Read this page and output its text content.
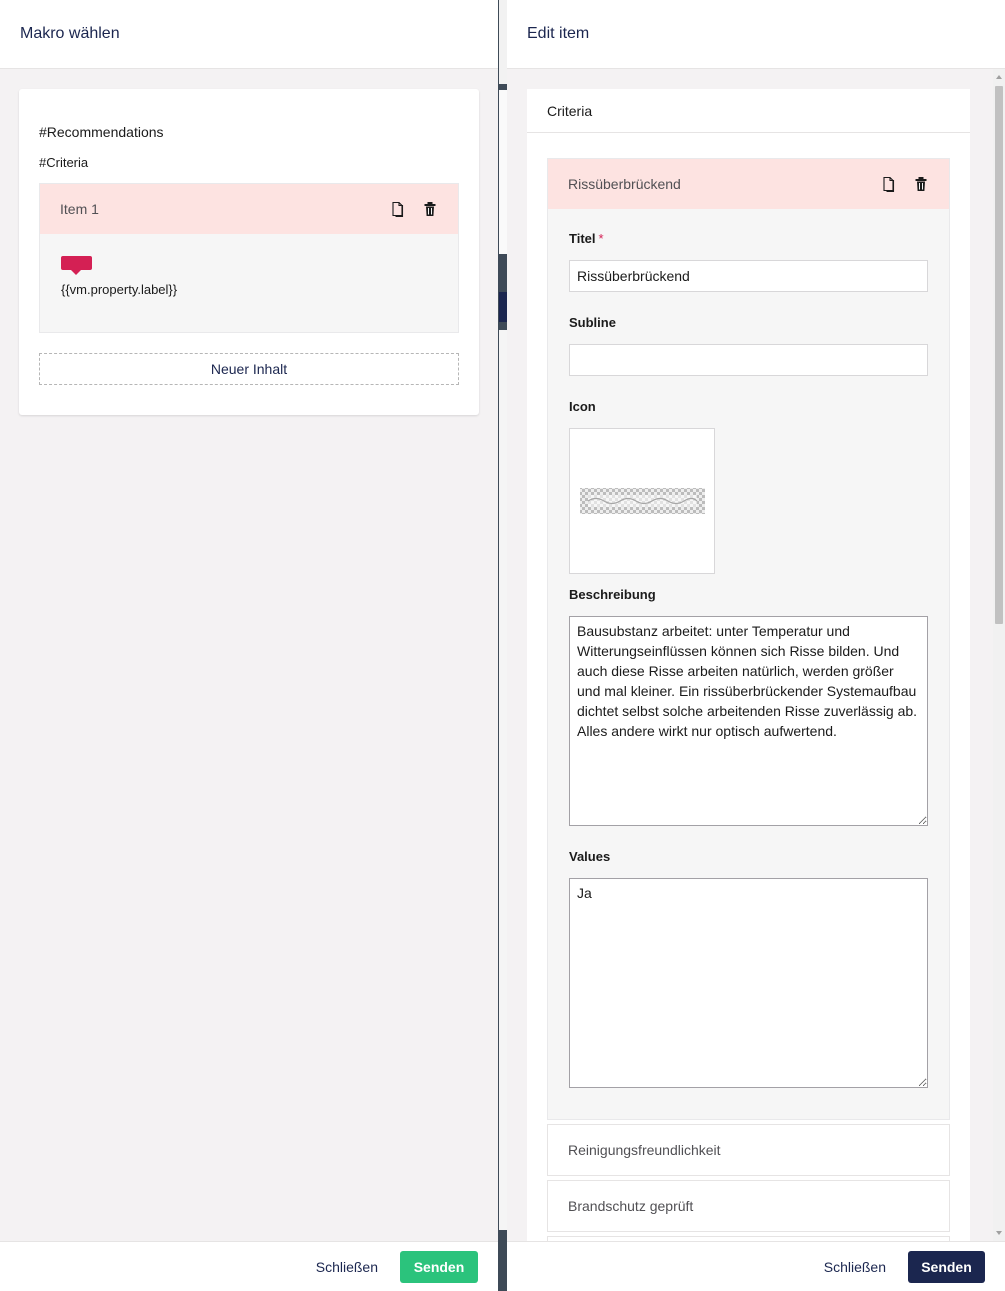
Makro wählen
#Recommendations
#Criteria
Item 1
{{vm.property.label}}
Neuer Inhalt
Schließen	Senden
Edit item
Criteria
Rissüberbrückend
Titel *
Rissüberbrückend
Subline
Icon
Beschreibung
Bausubstanz arbeitet: unter Temperatur und Witterungseinflüssen können sich Risse bilden. Und auch diese Risse arbeiten natürlich, werden größer und mal kleiner. Ein rissüberbrückender Systemaufbau dichtet selbst solche arbeitenden Risse zuverlässig ab. Alles andere wirkt nur optisch aufwertend.
Values
Ja
Reinigungsfreundlichkeit
Brandschutz geprüft
Schließen	Senden
